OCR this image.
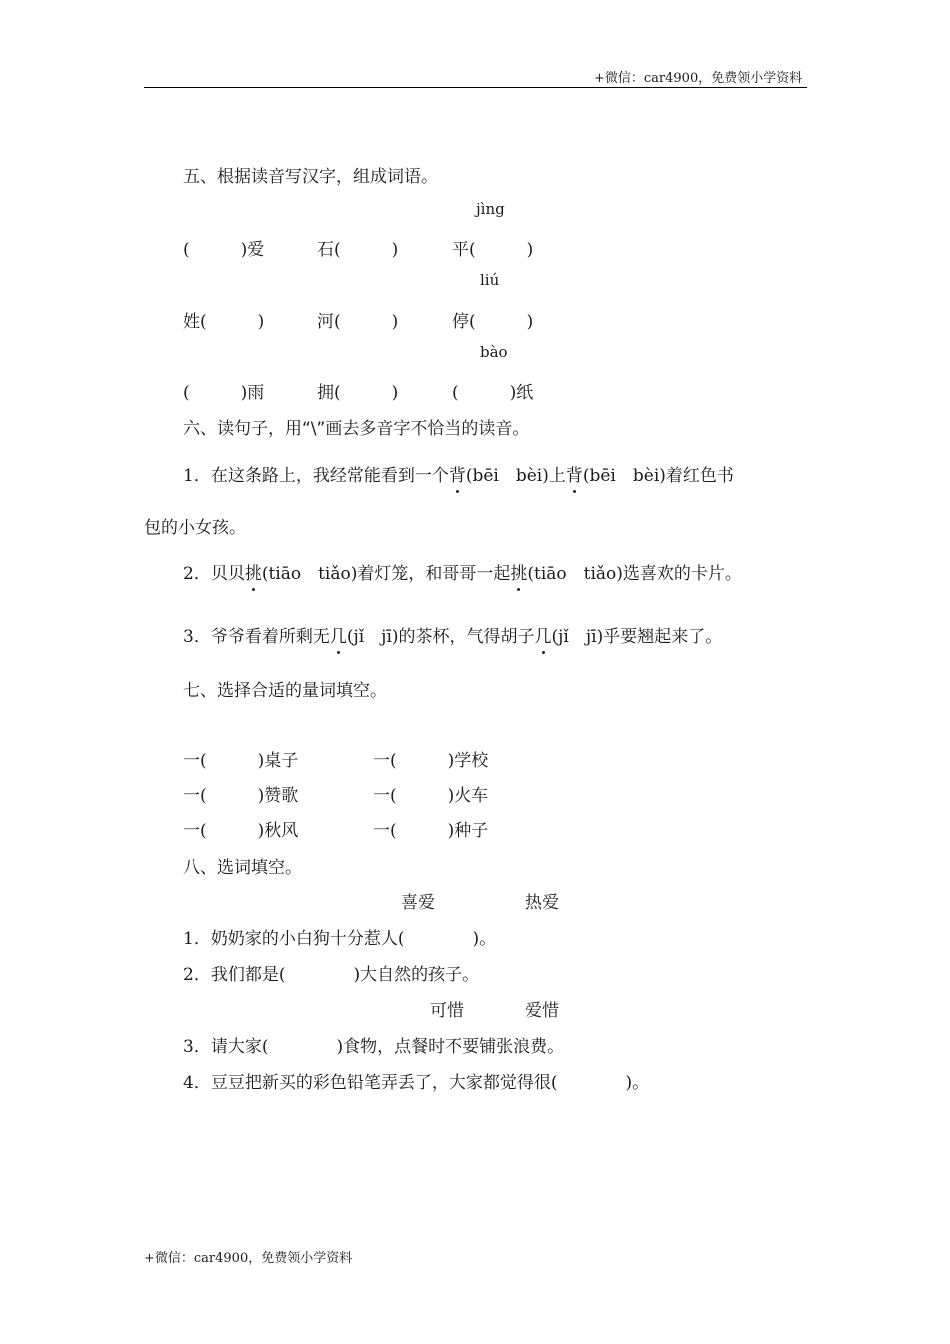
+微信：car4900，免费领小学资料
五、根据读音写汉字，组成词语。
jìng
(　　　)爱	石(　　　)	平(　　　)
liú
姓(　　　)	河(　　　)	停(　　　)
bào
(　　　)雨	拥(　　　)	(　　　)纸
六、读句子，用“\”画去多音字不恰当的读音。
1．在这条路上，我经常能看到一个背(bēi　bèi)上背(bēi　bèi)着红色书
包的小女孩。
2．贝贝挑(tiāo　tiǎo)着灯笼，和哥哥一起挑(tiāo　tiǎo)选喜欢的卡片。
3．爷爷看着所剩无几(jǐ　jī)的茶杯，气得胡子几(jǐ　jī)乎要翘起来了。
七、选择合适的量词填空。
一(　　　)桌子	一(　　　)学校
一(　　　)赞歌	一(　　　)火车
一(　　　)秋风	一(　　　)种子
八、选词填空。
喜爱	热爱
1．奶奶家的小白狗十分惹人(　　　　)。
2．我们都是(　　　　)大自然的孩子。
可惜	爱惜
3．请大家(　　　　)食物，点餐时不要铺张浪费。
4．豆豆把新买的彩色铅笔弄丢了，大家都觉得很(　　　　)。
+微信：car4900，免费领小学资料
